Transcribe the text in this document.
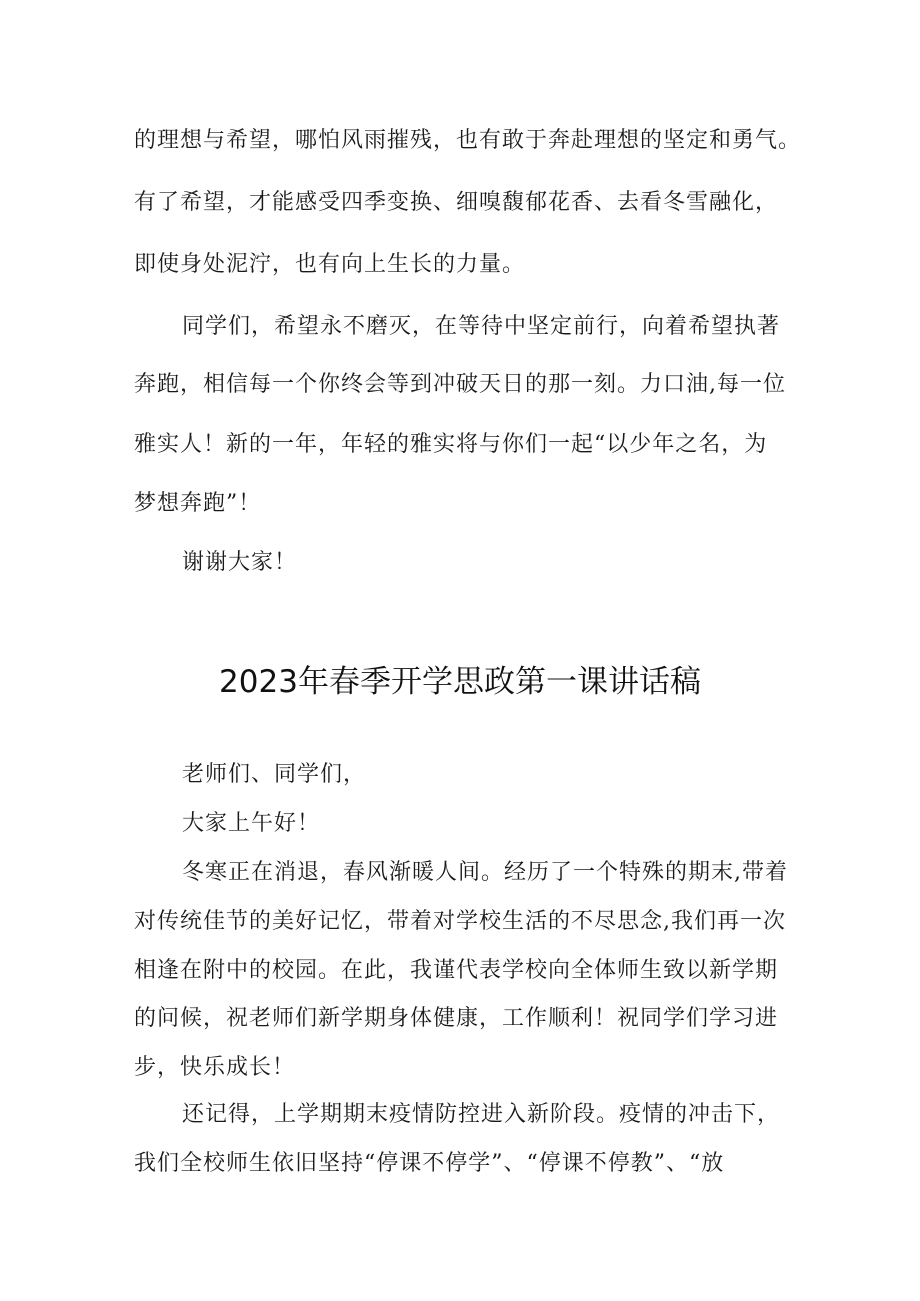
的理想与希望，哪怕风雨摧残，也有敢于奔赴理想的坚定和勇气。
有了希望，才能感受四季变换、细嗅馥郁花香、去看冬雪融化，
即使身处泥泞，也有向上生长的力量。
同学们，希望永不磨灭，在等待中坚定前行，向着希望执著
奔跑，相信每一个你终会等到冲破天日的那一刻。力口油,每一位
雅实人！新的一年，年轻的雅实将与你们一起“以少年之名，为
梦想奔跑”！
谢谢大家！
2023年春季开学思政第一课讲话稿
老师们、同学们，
大家上午好！
冬寒正在消退，春风渐暖人间。经历了一个特殊的期末,带着
对传统佳节的美好记忆，带着对学校生活的不尽思念,我们再一次
相逢在附中的校园。在此，我谨代表学校向全体师生致以新学期
的问候，祝老师们新学期身体健康，工作顺利！祝同学们学习进
步，快乐成长！
还记得，上学期期末疫情防控进入新阶段。疫情的冲击下，
我们全校师生依旧坚持“停课不停学”、“停课不停教”、“放
